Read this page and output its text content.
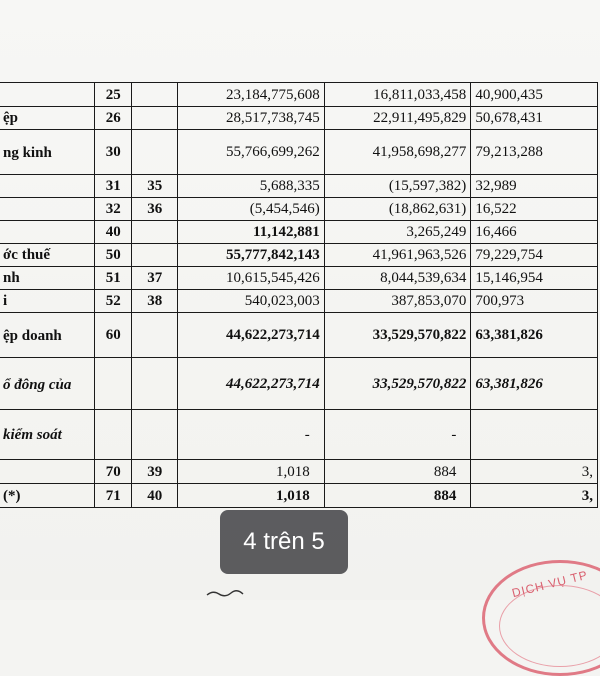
	25		23,184,775,608	16,811,033,458	40,900,435
ệp	26		28,517,738,745	22,911,495,829	50,678,431
ng kinh	30		55,766,699,262	41,958,698,277	79,213,288
	31	35	5,688,335	(15,597,382)	32,989
	32	36	(5,454,546)	(18,862,631)	16,522
	40		11,142,881	3,265,249	16,466
ớc thuế	50		55,777,842,143	41,961,963,526	79,229,754
nh	51	37	10,615,545,426	8,044,539,634	15,146,954
i	52	38	540,023,003	387,853,070	700,973
ệp doanh	60		44,622,273,714	33,529,570,822	63,381,826
ổ đông của			44,622,273,714	33,529,570,822	63,381,826
kiểm soát			-	-	
	70	39	1,018	884	3,
(*)	71	40	1,018	884	3,
DỊCH VỤ TP
4 trên 5
